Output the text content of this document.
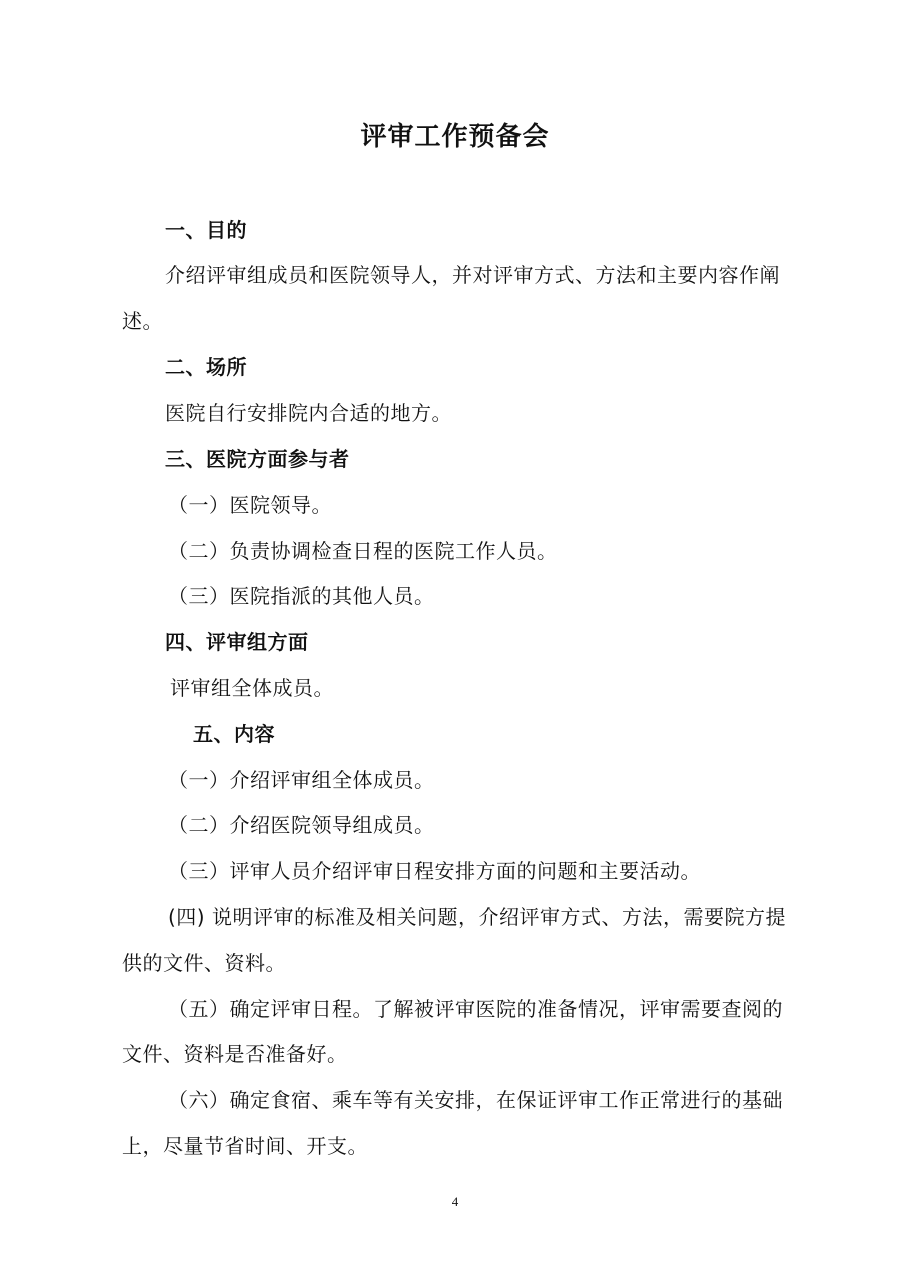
评审工作预备会
一、目的
介绍评审组成员和医院领导人，并对评审方式、方法和主要内容作阐
述。
二、场所
医院自行安排院内合适的地方。
三、医院方面参与者
（一）医院领导。
（二）负责协调检查日程的医院工作人员。
（三）医院指派的其他人员。
四、评审组方面
评审组全体成员。
五、内容
（一）介绍评审组全体成员。
（二）介绍医院领导组成员。
（三）评审人员介绍评审日程安排方面的问题和主要活动。
(四) 说明评审的标准及相关问题，介绍评审方式、方法，需要院方提
供的文件、资料。
（五）确定评审日程。了解被评审医院的准备情况，评审需要查阅的
文件、资料是否准备好。
（六）确定食宿、乘车等有关安排，在保证评审工作正常进行的基础
上，尽量节省时间、开支。
4
